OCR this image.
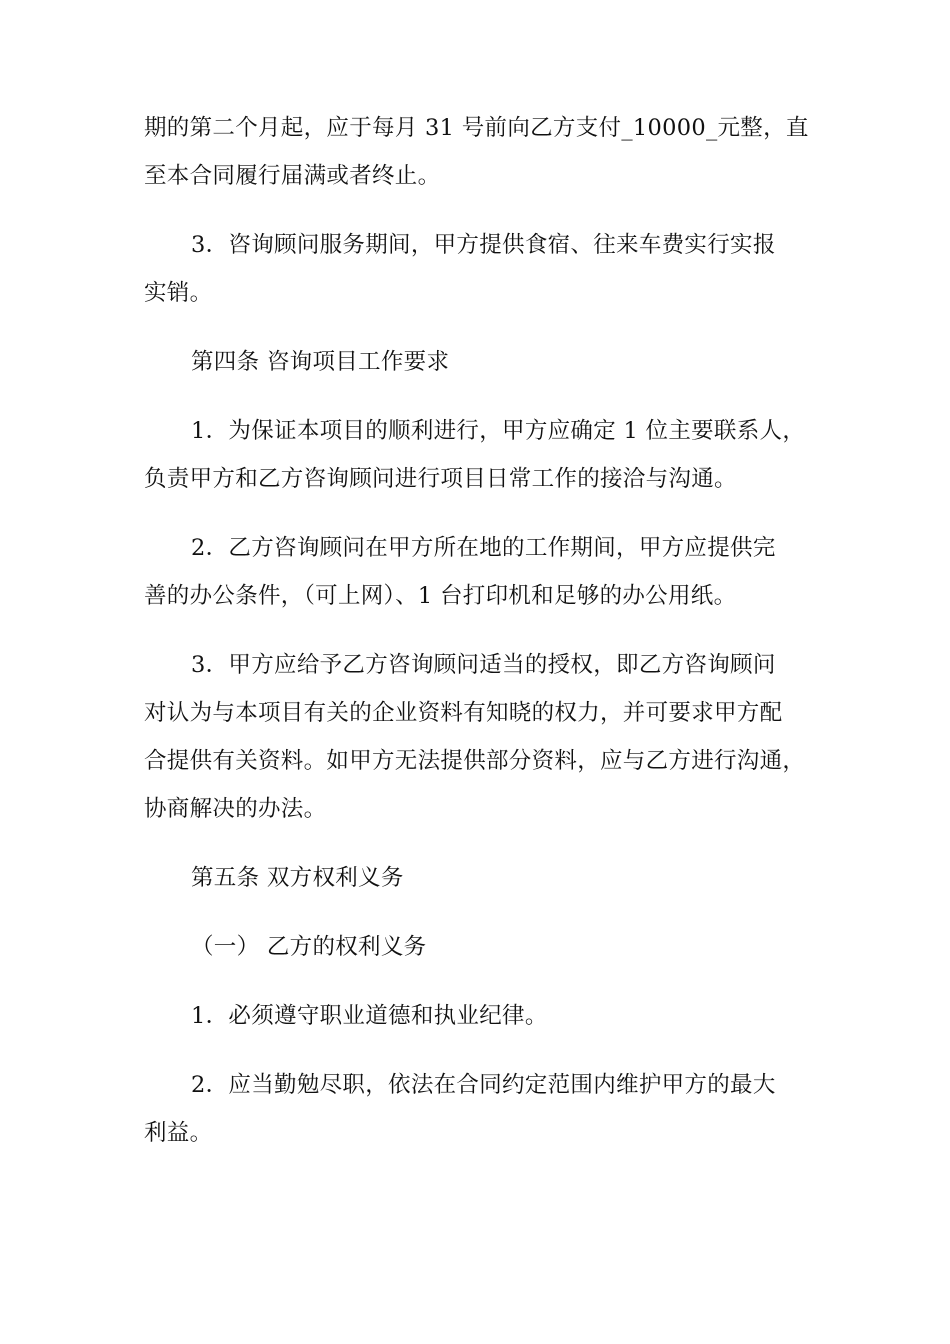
期的第二个月起，应于每月 31 号前向乙方支付_10000_元整，直
至本合同履行届满或者终止。

3．咨询顾问服务期间，甲方提供食宿、往来车费实行实报
实销。

第四条 咨询项目工作要求

1．为保证本项目的顺利进行，甲方应确定 1 位主要联系人，
负责甲方和乙方咨询顾问进行项目日常工作的接洽与沟通。

2．乙方咨询顾问在甲方所在地的工作期间，甲方应提供完
善的办公条件，（可上网）、1 台打印机和足够的办公用纸。

3．甲方应给予乙方咨询顾问适当的授权，即乙方咨询顾问
对认为与本项目有关的企业资料有知晓的权力，并可要求甲方配
合提供有关资料。如甲方无法提供部分资料，应与乙方进行沟通，
协商解决的办法。

第五条 双方权利义务

（一） 乙方的权利义务

1．必须遵守职业道德和执业纪律。

2．应当勤勉尽职，依法在合同约定范围内维护甲方的最大
利益。
